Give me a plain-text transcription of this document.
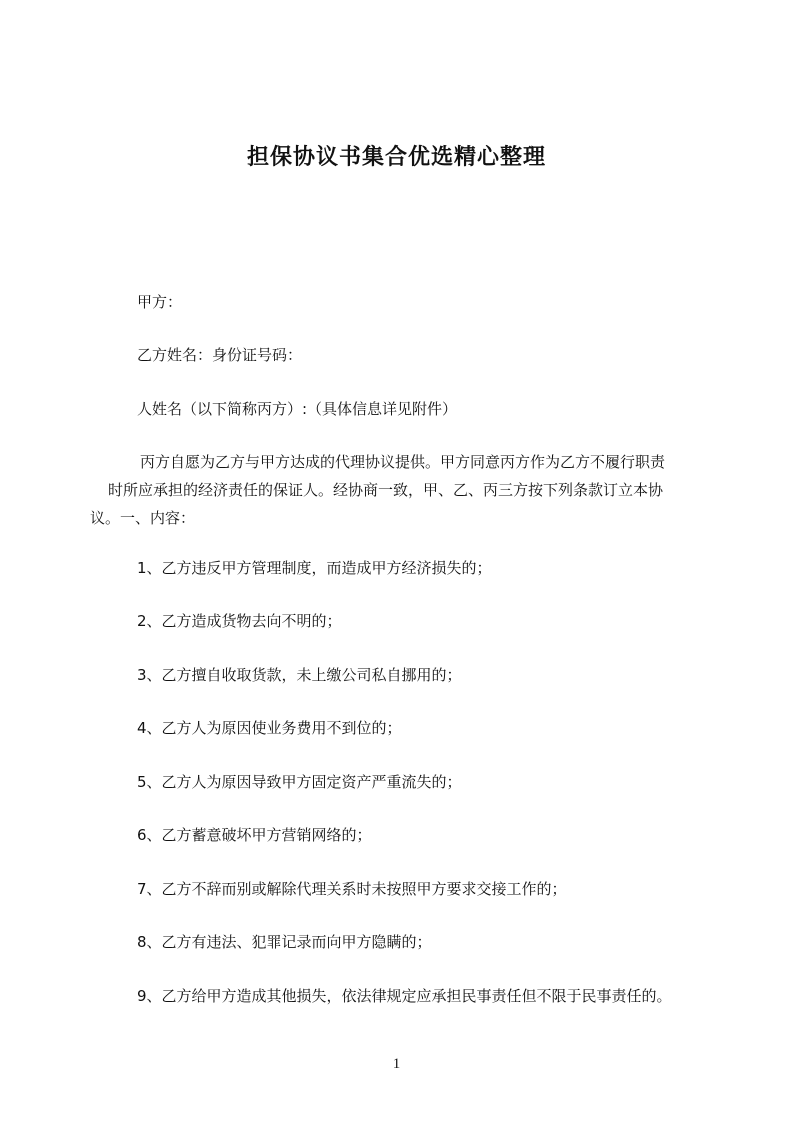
担保协议书集合优选精心整理
甲方：
乙方姓名：身份证号码：
人姓名（以下简称丙方）:（具体信息详见附件）
丙方自愿为乙方与甲方达成的代理协议提供。甲方同意丙方作为乙方不履行职责
时所应承担的经济责任的保证人。经协商一致，甲、乙、丙三方按下列条款订立本协
议。一、内容：
1、乙方违反甲方管理制度，而造成甲方经济损失的；
2、乙方造成货物去向不明的；
3、乙方擅自收取货款，未上缴公司私自挪用的；
4、乙方人为原因使业务费用不到位的；
5、乙方人为原因导致甲方固定资产严重流失的；
6、乙方蓄意破坏甲方营销网络的；
7、乙方不辞而别或解除代理关系时未按照甲方要求交接工作的；
8、乙方有违法、犯罪记录而向甲方隐瞒的；
9、乙方给甲方造成其他损失，依法律规定应承担民事责任但不限于民事责任的。
1
